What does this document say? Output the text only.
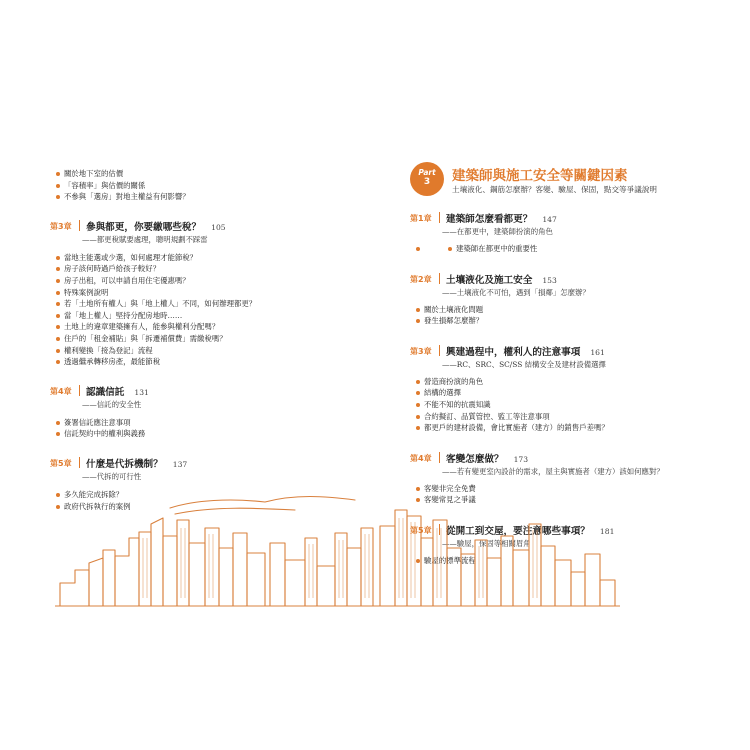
關於地下室的估價
「容積率」與估價的關係
不參與「選房」對地主權益有何影響？
第3章 參與都更，你要繳哪些稅？ 105
——都更稅賦要處理，聰明規劃不踩雷
當地主能選或少選，如何處理才能節稅？
房子該何時過戶給孩子較好？
房子出租，可以申請自用住宅優惠嗎？
特殊案例說明
若「土地所有權人」與「地上權人」不同，如何辦理都更？
當「地上權人」堅持分配房地時……
土地上的違章建築擁有人，能參與權利分配嗎？
住戶的「租金補貼」與「拆遷補償費」需繳稅嗎？
權利變換「接為登記」流程
透過繼承轉移房產，最能節稅
第4章 認識信託 131
——信託的安全性
簽署信託應注意事項
信託契約中的權利與義務
第5章 什麼是代拆機制？ 137
——代拆的可行性
多久能完成拆除？
政府代拆執行的案例
Part
3	建築師與施工安全等關鍵因素
土壤液化、鋼筋怎麼辦？客變、驗屋、保固，點交等爭議說明
第1章 建築師怎麼看都更？ 147
——在都更中，建築師扮演的角色
建築師在都更中的重要性
第2章 土壤液化及施工安全 153
——土壤液化不可怕，遇到「損鄰」怎麼辦？
關於土壤液化問題
發生損鄰怎麼辦？
第3章 興建過程中，權利人的注意事項 161
——RC、SRC、SC/SS 結構安全及建材設備選擇
營造商扮演的角色
結構的選擇
不能不知的抗震知識
合約擬訂、品質管控、監工等注意事項
都更戶的建材設備，會比實施者（建方）的銷售戶差嗎？
第4章 客變怎麼做？ 173
——若有變更室內設計的需求，屋主與實施者（建方）該如何應對？
客變非完全免費
客變常見之爭議
第5章 從開工到交屋，要注意哪些事項？ 181
——驗屋，保固等相關眉角
驗屋的標準流程
